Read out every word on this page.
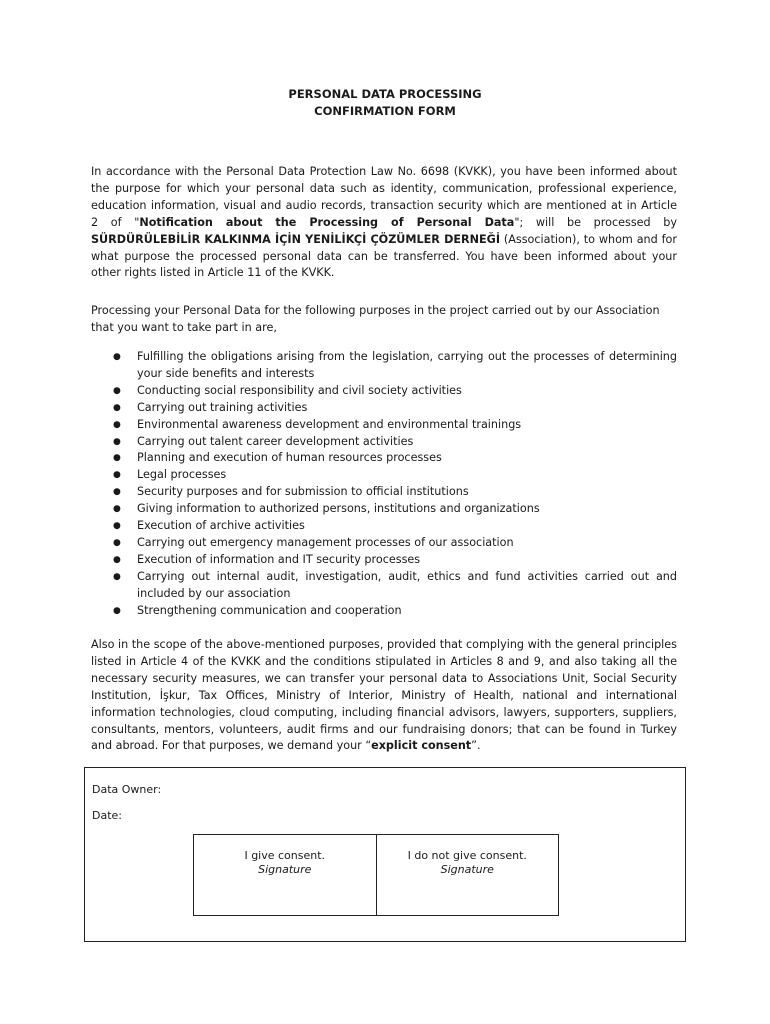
PERSONAL DATA PROCESSING
CONFIRMATION FORM
In accordance with the Personal Data Protection Law No. 6698 (KVKK), you have been informed about the purpose for which your personal data such as identity, communication, professional experience, education information, visual and audio records, transaction security which are mentioned at in Article 2 of "Notification about the Processing of Personal Data"; will be processed by SÜRDÜRÜLEBİLİR KALKINMA İÇİN YENİLİKÇİ ÇÖZÜMLER DERNEĞİ (Association), to whom and for what purpose the processed personal data can be transferred. You have been informed about your other rights listed in Article 11 of the KVKK.
Processing your Personal Data for the following purposes in the project carried out by our Association that you want to take part in are,
● Fulfilling the obligations arising from the legislation, carrying out the processes of determining your side benefits and interests
● Conducting social responsibility and civil society activities
● Carrying out training activities
● Environmental awareness development and environmental trainings
● Carrying out talent career development activities
● Planning and execution of human resources processes
● Legal processes
● Security purposes and for submission to official institutions
● Giving information to authorized persons, institutions and organizations
● Execution of archive activities
● Carrying out emergency management processes of our association
● Execution of information and IT security processes
● Carrying out internal audit, investigation, audit, ethics and fund activities carried out and included by our association
● Strengthening communication and cooperation
Also in the scope of the above-mentioned purposes, provided that complying with the general principles listed in Article 4 of the KVKK and the conditions stipulated in Articles 8 and 9, and also taking all the necessary security measures, we can transfer your personal data to Associations Unit, Social Security Institution, İşkur, Tax Offices, Ministry of Interior, Ministry of Health, national and international information technologies, cloud computing, including financial advisors, lawyers, supporters, suppliers, consultants, mentors, volunteers, audit firms and our fundraising donors; that can be found in Turkey and abroad. For that purposes, we demand your “explicit consent”.
Data Owner:
Date:
I give consent.
Signature
I do not give consent.
Signature
